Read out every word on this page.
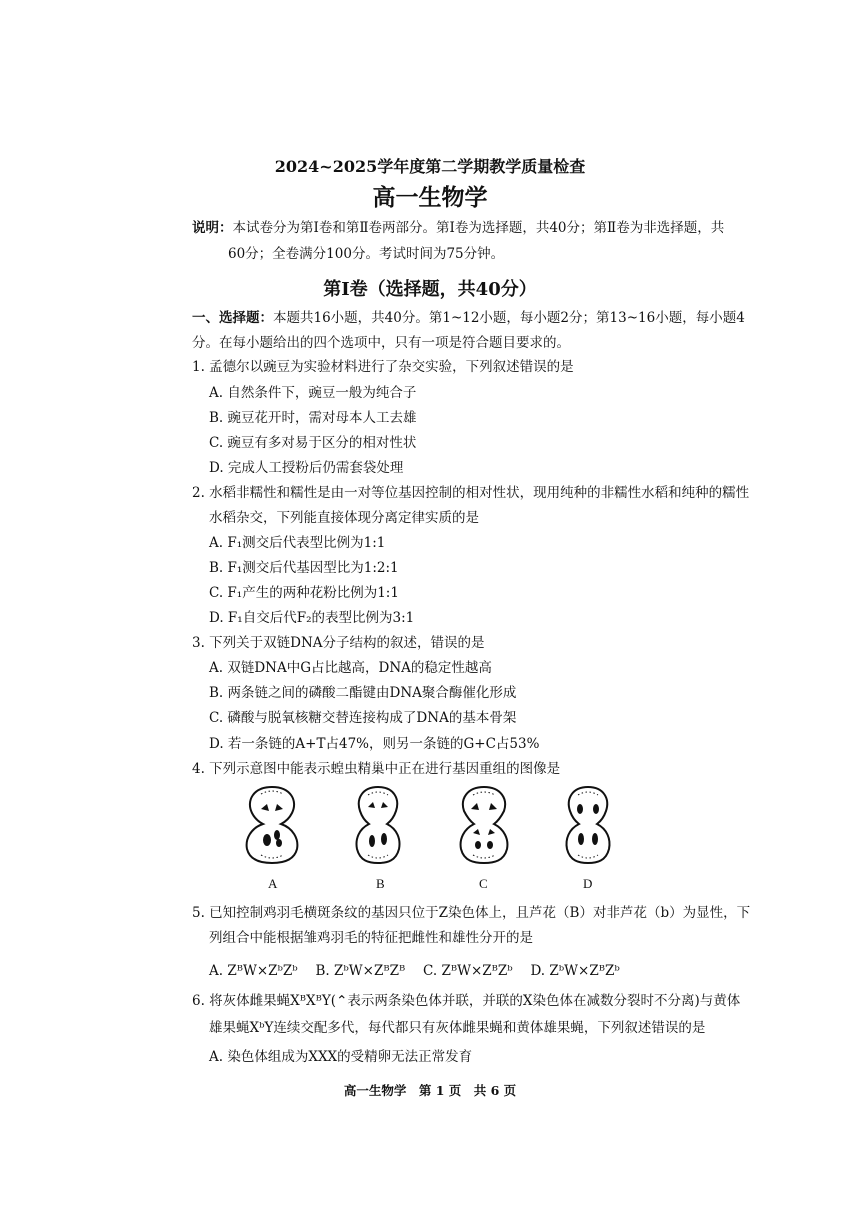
2024~2025学年度第二学期教学质量检查
高一生物学
说明：本试卷分为第Ⅰ卷和第Ⅱ卷两部分。第Ⅰ卷为选择题，共40分；第Ⅱ卷为非选择题，共
60分；全卷满分100分。考试时间为75分钟。
第Ⅰ卷（选择题，共40分）
一、选择题：本题共16小题，共40分。第1~12小题，每小题2分；第13~16小题，每小题4
分。在每小题给出的四个选项中，只有一项是符合题目要求的。
1. 孟德尔以豌豆为实验材料进行了杂交实验，下列叙述错误的是
A. 自然条件下，豌豆一般为纯合子
B. 豌豆花开时，需对母本人工去雄
C. 豌豆有多对易于区分的相对性状
D. 完成人工授粉后仍需套袋处理
2. 水稻非糯性和糯性是由一对等位基因控制的相对性状，现用纯种的非糯性水稻和纯种的糯性
水稻杂交，下列能直接体现分离定律实质的是
A. F₁测交后代表型比例为1:1
B. F₁测交后代基因型比为1:2:1
C. F₁产生的两种花粉比例为1:1
D. F₁自交后代F₂的表型比例为3:1
3. 下列关于双链DNA分子结构的叙述，错误的是
A. 双链DNA中G占比越高，DNA的稳定性越高
B. 两条链之间的磷酸二酯键由DNA聚合酶催化形成
C. 磷酸与脱氧核糖交替连接构成了DNA的基本骨架
D. 若一条链的A+T占47%，则另一条链的G+C占53%
4. 下列示意图中能表示蝗虫精巢中正在进行基因重组的图像是
A	B	C	D
5. 已知控制鸡羽毛横斑条纹的基因只位于Z染色体上，且芦花（B）对非芦花（b）为显性，下
列组合中能根据雏鸡羽毛的特征把雌性和雄性分开的是
A. ZᴮW×ZᵇZᵇ　 B. ZᵇW×ZᴮZᴮ　 C. ZᴮW×ZᴮZᵇ　 D. ZᵇW×ZᴮZᵇ
6. 将灰体雌果蝇XᴮXᴮY(⌃表示两条染色体并联，并联的X染色体在减数分裂时不分离)与黄体
雄果蝇XᵇY连续交配多代，每代都只有灰体雌果蝇和黄体雄果蝇，下列叙述错误的是
A. 染色体组成为XXX的受精卵无法正常发育
高一生物学　第 1 页　共 6 页
